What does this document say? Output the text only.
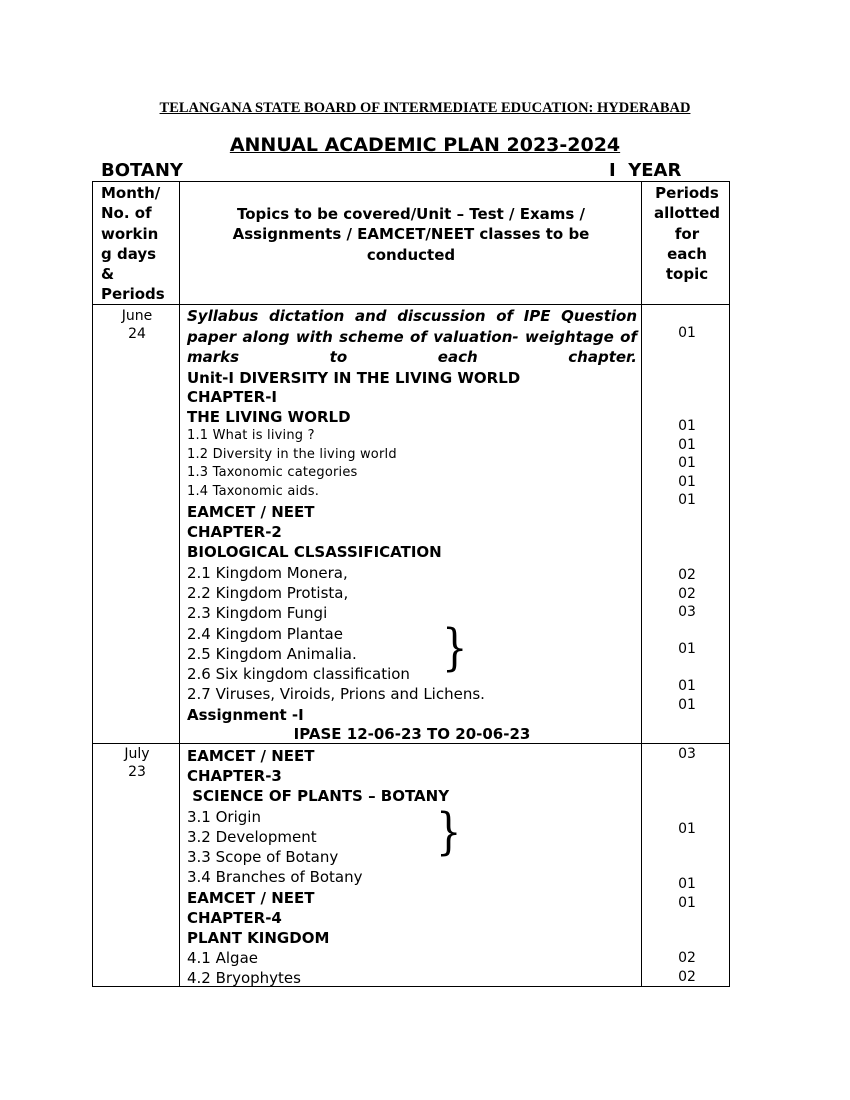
TELANGANA STATE BOARD OF INTERMEDIATE EDUCATION: HYDERABAD
ANNUAL ACADEMIC PLAN 2023-2024
BOTANY	I  YEAR
Month/
No. of
workin
g days
&
Periods
Topics to be covered/Unit – Test / Exams /
Assignments / EAMCET/NEET classes to be
conducted
Periods
allotted
for
each
topic
June
24
Syllabus dictation and discussion of IPE Question paper along with scheme of valuation- weightage of marks to each chapter.
Unit-I DIVERSITY IN THE LIVING WORLD
CHAPTER-I
THE LIVING WORLD
1.1 What is living ?
1.2 Diversity in the living world
1.3 Taxonomic categories
1.4 Taxonomic aids.
EAMCET / NEET
CHAPTER-2
BIOLOGICAL CLSASSIFICATION
2.1 Kingdom Monera,
2.2 Kingdom Protista,
2.3 Kingdom Fungi
2.4 Kingdom Plantae
2.5 Kingdom Animalia.
2.6 Six kingdom classification }
2.7 Viruses, Viroids, Prions and Lichens.
Assignment -I
IPASE 12-06-23 TO 20-06-23
01
01
01
01
01
01
02
02
03
01
01
01
July
23
EAMCET / NEET
CHAPTER-3
SCIENCE OF PLANTS – BOTANY
3.1 Origin
3.2 Development
3.3 Scope of Botany }
3.4 Branches of Botany
EAMCET / NEET
CHAPTER-4
PLANT KINGDOM
4.1 Algae
4.2 Bryophytes
03
01
01
01
02
02
